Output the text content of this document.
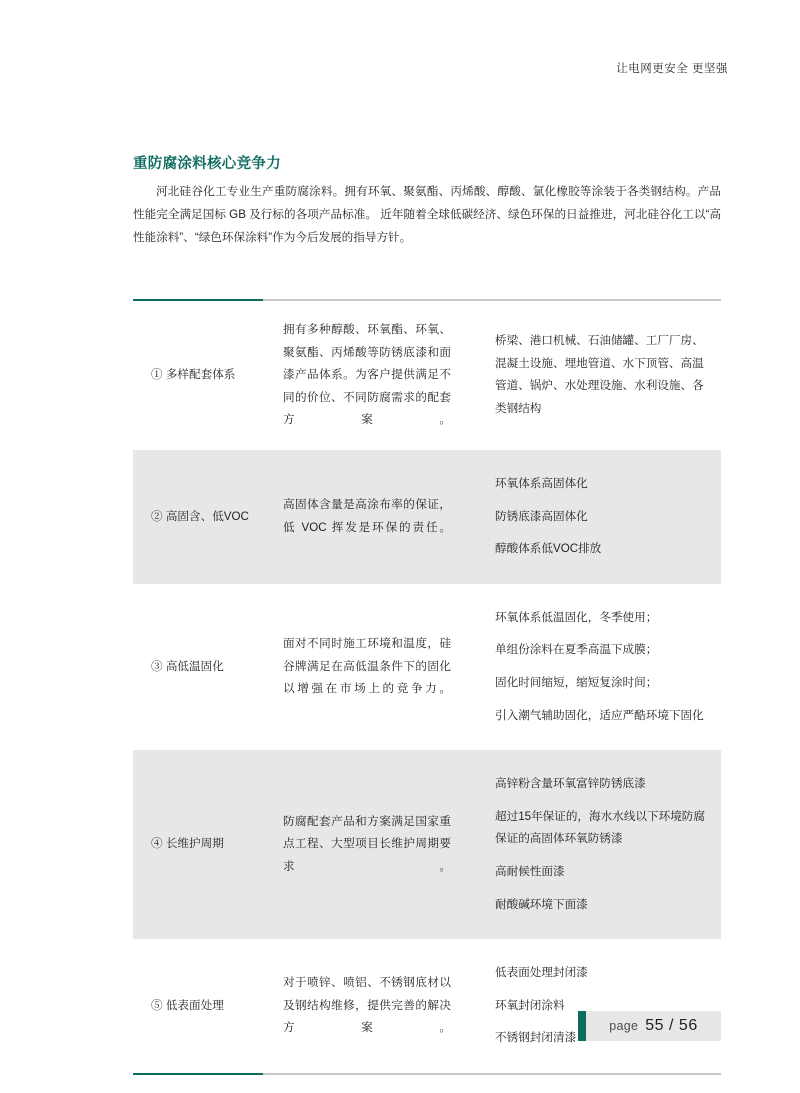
让电网更安全 更坚强
重防腐涂料核心竞争力
河北硅谷化工专业生产重防腐涂料。拥有环氧、聚氨酯、丙烯酸、醇酸、氯化橡胶等涂装于各类钢结构。产品性能完全满足国标 GB 及行标的各项产品标准。 近年随着全球低碳经济、绿色环保的日益推进，河北硅谷化工以“高性能涂料”、“绿色环保涂料”作为今后发展的指导方针。
① 多样配套体系
拥有多种醇酸、环氧酯、环氧、聚氨酯、丙烯酸等防锈底漆和面漆产品体系。为客户提供满足不同的价位、不同防腐需求的配套方案。
桥梁、港口机械、石油储罐、工厂厂房、混凝土设施、埋地管道、水下顶管、高温管道、锅炉、水处理设施、水利设施、各类钢结构
② 高固含、低VOC
高固体含量是高涂布率的保证，低 VOC 挥发是环保的责任。
环氧体系高固体化
防锈底漆高固体化
醇酸体系低VOC排放
③ 高低温固化
面对不同时施工环境和温度，硅谷牌满足在高低温条件下的固化以增强在市场上的竞争力。
环氧体系低温固化，冬季使用；
单组份涂料在夏季高温下成膜；
固化时间缩短，缩短复涂时间；
引入潮气辅助固化，适应严酷环境下固化
④ 长维护周期
防腐配套产品和方案满足国家重点工程、大型项目长维护周期要求。
高锌粉含量环氧富锌防锈底漆
超过15年保证的，海水水线以下环境防腐保证的高固体环氧防锈漆
高耐候性面漆
耐酸碱环境下面漆
⑤ 低表面处理
对于喷锌、喷铝、不锈钢底材以及钢结构维修，提供完善的解决方案。
低表面处理封闭漆
环氧封闭涂料
不锈钢封闭清漆
page 55 / 56
